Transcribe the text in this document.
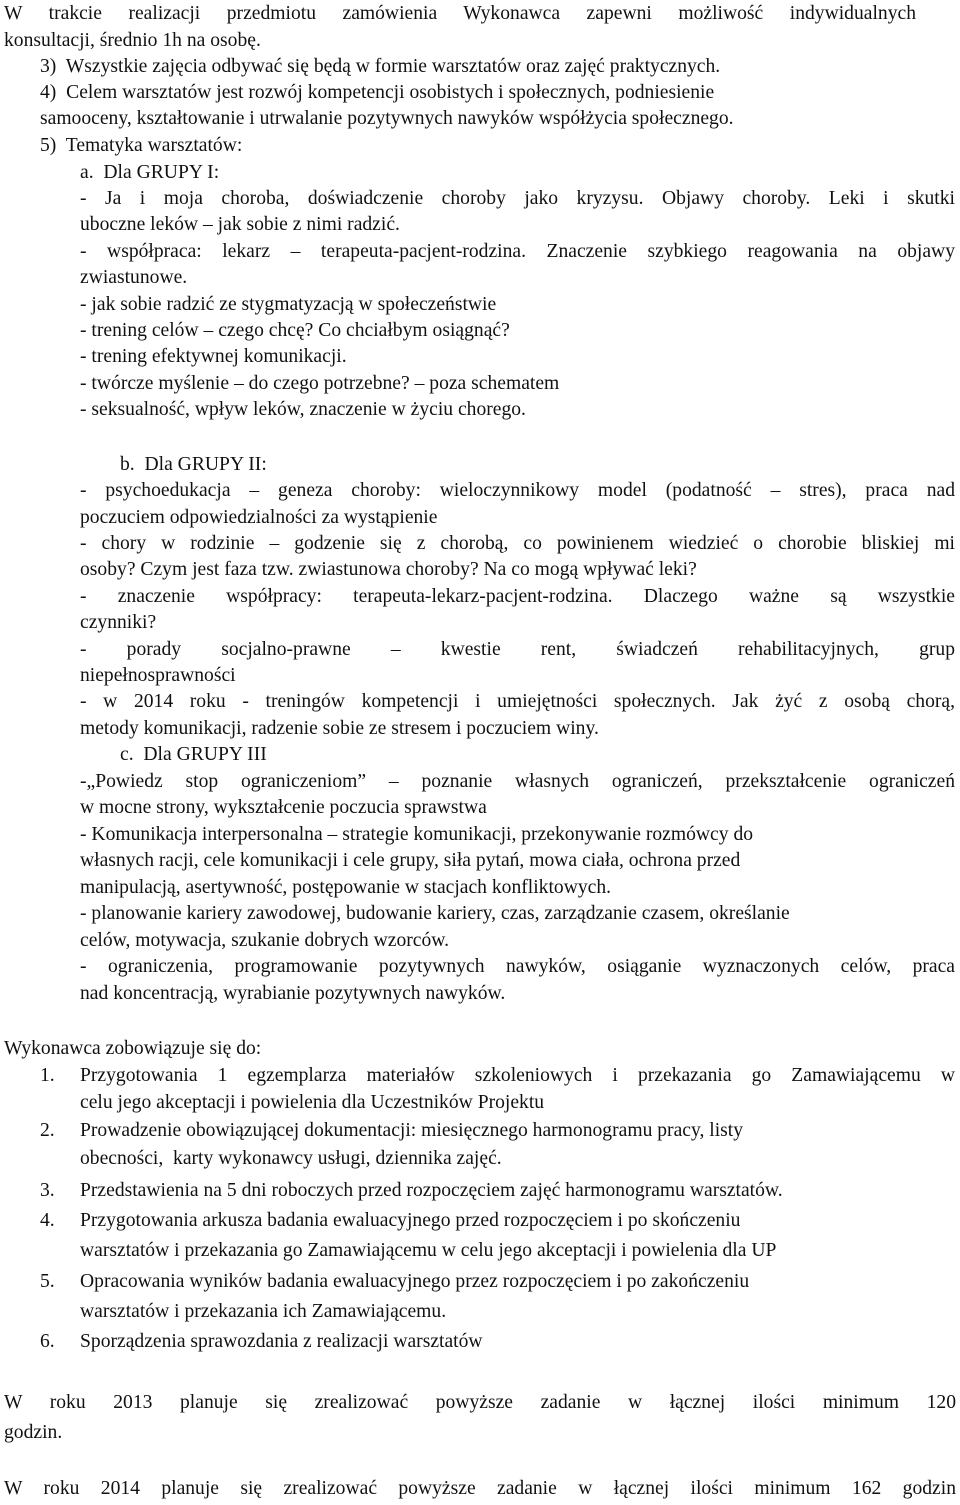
W trakcie realizacji przedmiotu zamówienia Wykonawca zapewni możliwość indywidualnych
konsultacji, średnio 1h na osobę.
3)  Wszystkie zajęcia odbywać się będą w formie warsztatów oraz zajęć praktycznych.
4)  Celem warsztatów jest rozwój kompetencji osobistych i społecznych, podniesienie
samooceny, kształtowanie i utrwalanie pozytywnych nawyków współżycia społecznego.
5)  Tematyka warsztatów:
a.  Dla GRUPY I:
- Ja i moja choroba, doświadczenie choroby jako kryzysu. Objawy choroby. Leki i skutki
uboczne leków – jak sobie z nimi radzić.
- współpraca: lekarz – terapeuta-pacjent-rodzina. Znaczenie szybkiego reagowania na objawy
zwiastunowe.
- jak sobie radzić ze stygmatyzacją w społeczeństwie
- trening celów – czego chcę? Co chciałbym osiągnąć?
- trening efektywnej komunikacji.
- twórcze myślenie – do czego potrzebne? – poza schematem
- seksualność, wpływ leków, znaczenie w życiu chorego.
b.  Dla GRUPY II:
- psychoedukacja – geneza choroby: wieloczynnikowy model (podatność – stres), praca nad
poczuciem odpowiedzialności za wystąpienie
- chory w rodzinie – godzenie się z chorobą, co powinienem wiedzieć o chorobie bliskiej mi
osoby? Czym jest faza tzw. zwiastunowa choroby? Na co mogą wpływać leki?
- znaczenie współpracy: terapeuta-lekarz-pacjent-rodzina. Dlaczego ważne są wszystkie
czynniki?
- porady socjalno-prawne – kwestie rent, świadczeń rehabilitacyjnych, grup
niepełnosprawności
- w 2014 roku - treningów kompetencji i umiejętności społecznych. Jak żyć z osobą chorą,
metody komunikacji, radzenie sobie ze stresem i poczuciem winy.
c.  Dla GRUPY III
-„Powiedz stop ograniczeniom” – poznanie własnych ograniczeń, przekształcenie ograniczeń
w mocne strony, wykształcenie poczucia sprawstwa
- Komunikacja interpersonalna – strategie komunikacji, przekonywanie rozmówcy do
własnych racji, cele komunikacji i cele grupy, siła pytań, mowa ciała, ochrona przed
manipulacją, asertywność, postępowanie w stacjach konfliktowych.
- planowanie kariery zawodowej, budowanie kariery, czas, zarządzanie czasem, określanie
celów, motywacja, szukanie dobrych wzorców.
- ograniczenia, programowanie pozytywnych nawyków, osiąganie wyznaczonych celów, praca
nad koncentracją, wyrabianie pozytywnych nawyków.
Wykonawca zobowiązuje się do:
1. Przygotowania 1 egzemplarza materiałów szkoleniowych i przekazania go Zamawiającemu w
celu jego akceptacji i powielenia dla Uczestników Projektu
2. Prowadzenie obowiązującej dokumentacji: miesięcznego harmonogramu pracy, listy
obecności,  karty wykonawcy usługi, dziennika zajęć.
3. Przedstawienia na 5 dni roboczych przed rozpoczęciem zajęć harmonogramu warsztatów.
4. Przygotowania arkusza badania ewaluacyjnego przed rozpoczęciem i po skończeniu
warsztatów i przekazania go Zamawiającemu w celu jego akceptacji i powielenia dla UP
5. Opracowania wyników badania ewaluacyjnego przez rozpoczęciem i po zakończeniu
warsztatów i przekazania ich Zamawiającemu.
6. Sporządzenia sprawozdania z realizacji warsztatów
W roku 2013 planuje się zrealizować powyższe zadanie w łącznej ilości minimum 120
godzin.
W roku 2014 planuje się zrealizować powyższe zadanie w łącznej ilości minimum 162 godzin
